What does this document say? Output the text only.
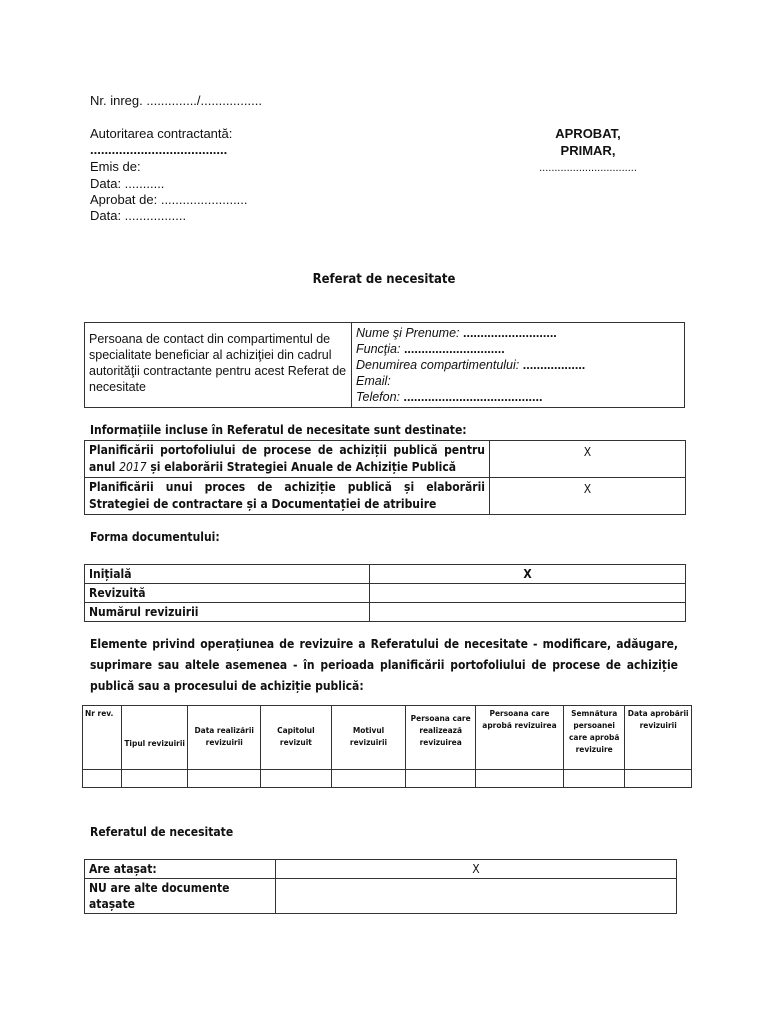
Nr. inreg. ............../.................
Autoritarea contractantă:
......................................
Emis de:
Data: ...........
Aprobat de: ........................
Data: .................
APROBAT,
PRIMAR,
................................
Referat de necesitate
Persoana de contact din compartimentul de specialitate beneficiar al achiziţiei din cadrul autorităţii contractante pentru acest Referat de necesitate	
Nume şi Prenume: ...........................
Funcţia: .............................
Denumirea compartimentului: ..................
Email:
Telefon: ........................................
Informațiile incluse în Referatul de necesitate sunt destinate:
Planificării portofoliului de procese de achiziții publică pentru anul 2017 și elaborării Strategiei Anuale de Achiziție Publică	X
Planificării unui proces de achiziție publică și elaborării Strategiei de contractare și a Documentației de atribuire	X
Forma documentului:
Inițială	X
Revizuită	
Numărul revizuirii	
Elemente privind operațiunea de revizuire a Referatului de necesitate - modificare, adăugare, suprimare sau altele asemenea - în perioada planificării portofoliului de procese de achiziție publică sau a procesului de achiziție publică:
Nr rev.	Tipul revizuirii	Data realizării revizuirii	Capitolul revizuit	Motivul revizuirii	Persoana care realizează revizuirea	Persoana care aprobă revizuirea	Semnătura persoanei care aprobă revizuire	Data aprobării revizuirii

Referatul de necesitate
Are atașat:	X
NU are alte documente atașate	
